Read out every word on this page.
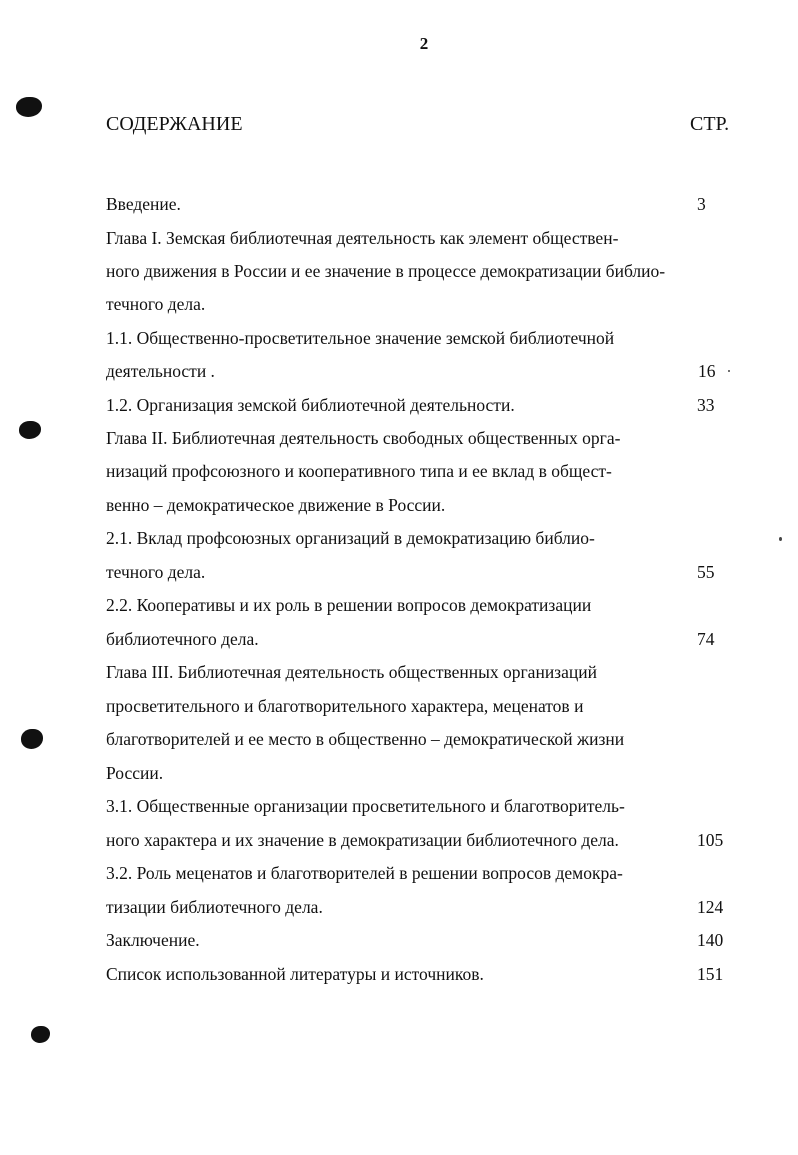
2
СОДЕРЖАНИЕ	СТР.
Введение.
Глава I. Земская библиотечная деятельность как элемент обществен-
ного движения в России и ее значение в процессе демократизации библио-
течного дела.
1.1. Общественно-просветительное значение земской библиотечной
деятельности .
1.2. Организация земской библиотечной деятельности.
Глава II. Библиотечная деятельность свободных общественных орга-
низаций профсоюзного и кооперативного типа и ее вклад в общест-
венно – демократическое движение в России.
2.1. Вклад профсоюзных организаций в демократизацию библио-
течного дела.
2.2. Кооперативы и их роль в решении вопросов демократизации
библиотечного дела.
Глава III. Библиотечная деятельность общественных организаций
просветительного и благотворительного характера, меценатов и
благотворителей и ее место в общественно – демократической жизни
России.
3.1. Общественные организации просветительного и благотворитель-
ного характера и их значение в демократизации библиотечного дела.
3.2. Роль меценатов и благотворителей в решении вопросов демокра-
тизации библиотечного дела.
Заключение.
Список использованной литературы и источников.
3
16
33
55
74
105
124
140
151
